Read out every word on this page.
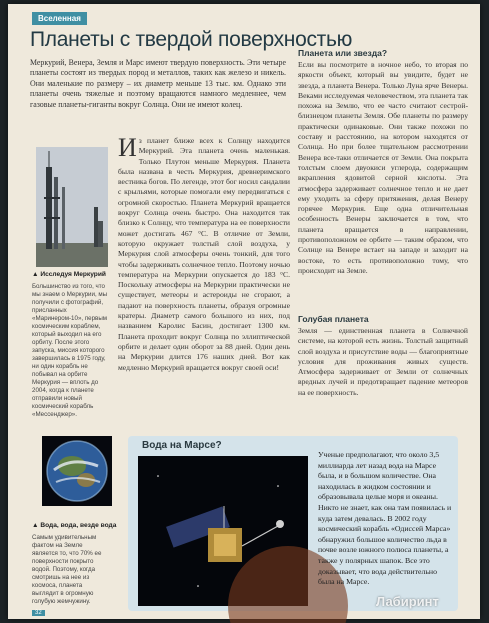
Вселенная
Планеты с твердой поверхностью

Меркурий, Венера, Земля и Марс имеют твердую поверхность. Эти четыре планеты состоят из твердых пород и металлов, таких как железо и никель. Они маленькие по размеру – их диаметр меньше 13 тыс. км. Однако эти планеты очень тяжелые и поэтому вращаются намного медленнее, чем газовые планеты-гиганты вокруг Солнца. Они не имеют колец.

▲ Исследуя Меркурий

Большинство из того, что мы знаем о Меркурии, мы получили с фотографий, присланных «Маринером-10», первым космическим кораблем, который выходил на его орбиту. После этого запуска, миссия которого завершилась в 1975 году, ни один корабль не побывал на орбите Меркурия — вплоть до 2004, когда к планете отправили новый космический корабль «Мессенджер».

И з планет ближе всех к Солнцу находится Меркурий. Эта планета очень маленькая. Только Плутон меньше Меркурия. Планета была названа в честь Меркурия, древнеримского вестника богов. По легенде, этот бог носил сандалии с крыльями, которые помогали ему передвигаться с огромной скоростью. Планета Меркурий вращается вокруг Солнца очень быстро. Она находится так близко к Солнцу, что температура на ее поверхности может достигать 467 °С. В отличие от Земли, которую окружает толстый слой воздуха, у Меркурия слой атмосферы очень тонкий, для того чтобы задерживать солнечное тепло. Поэтому ночью температура на Меркурии опускается до 183 °С. Поскольку атмосферы на Меркурии практически не существует, метеоры и астероиды не сгорают, а падают на поверхность планеты, образуя огромные кратеры. Диаметр самого большого из них, под названием Каролис Басин, достигает 1300 км. Планета проходит вокруг Солнца по эллиптической орбите и делает один оборот за 88 дней. Один день на Меркурии длится 176 наших дней. Вот как медленно Меркурий вращается вокруг своей оси!

Планета или звезда?

Если вы посмотрите в ночное небо, то вторая по яркости объект, который вы увидите, будет не звезда, а планета Венера. Только Луна ярче Венеры. Веками исследуемая человечеством, эта планета так похожа на Землю, что ее часто считают сестрой-близнецом планеты Земля. Обе планеты по размеру практически одинаковые. Они также похожи по составу и расстоянию, на котором находятся от Солнца. Но при более тщательном рассмотрении Венера все-таки отличается от Земли. Она покрыта толстым слоем двуокиси углерода, содержащим вкрапления ядовитой серной кислоты. Эта атмосфера задерживает солнечное тепло и не дает ему уходить за сферу притяжения, делая Венеру горячее Меркурия. Еще одна отличительная особенность Венеры заключается в том, что планета вращается в направлении, противоположном ее орбите — таким образом, что Солнце на Венере встает на западе и заходит на востоке, то есть противоположно тому, что происходит на Земле.

Голубая планета

Земля — единственная планета в Солнечной системе, на которой есть жизнь. Толстый защитный слой воздуха и присутствие воды — благоприятные условия для проживания живых существ. Атмосфера задерживает от Земли от солнечных вредных лучей и предотвращает падение метеоров на ее поверхность.

▲ Вода, вода, везде вода

Самым удивительным фактом на Земле является то, что 70% ее поверхности покрыто водой. Поэтому, когда смотришь на нее из космоса, планета выглядит в огромную голубую жемчужину.

Вода на Марсе?

Ученые предполагают, что около 3,5 миллиарда лет назад вода на Марсе была, и в большом количестве. Она находилась в жидком состоянии и образовывала целые моря и океаны. Никто не знает, как она там появилась и куда затем девалась. В 2002 году космический корабль «Одиссей Марса» обнаружил большое количество льда в почве возле южного полюса планеты, а также у полярных шапок. Все это доказывает, что вода действительно была на Марсе.

32
Лабиринт
